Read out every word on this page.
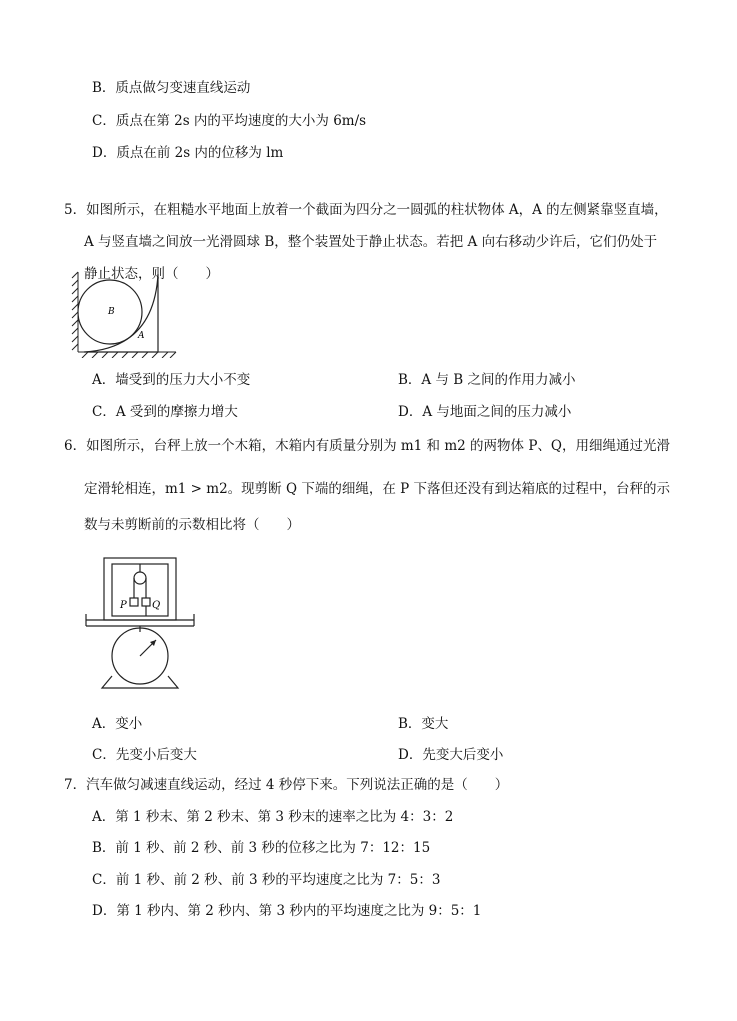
B．质点做匀变速直线运动
C．质点在第 2s 内的平均速度的大小为 6m/s
D．质点在前 2s 内的位移为 lm
5．如图所示，在粗糙水平地面上放着一个截面为四分之一圆弧的柱状物体 A，A 的左侧紧靠竖直墙，
A 与竖直墙之间放一光滑圆球 B，整个装置处于静止状态。若把 A 向右移动少许后，它们仍处于
静止状态，则（　　）
B
A
A．墙受到的压力大小不变	B．A 与 B 之间的作用力减小
C．A 受到的摩擦力增大	D．A 与地面之间的压力减小
6．如图所示，台秤上放一个木箱，木箱内有质量分别为 m1 和 m2 的两物体 P、Q，用细绳通过光滑
定滑轮相连，m1 > m2。现剪断 Q 下端的细绳，在 P 下落但还没有到达箱底的过程中，台秤的示
数与未剪断前的示数相比将（　　）
P	Q
A．变小	B．变大
C．先变小后变大	D．先变大后变小
7．汽车做匀减速直线运动，经过 4 秒停下来。下列说法正确的是（　　）
A．第 1 秒末、第 2 秒末、第 3 秒末的速率之比为 4：3：2
B．前 1 秒、前 2 秒、前 3 秒的位移之比为 7：12：15
C．前 1 秒、前 2 秒、前 3 秒的平均速度之比为 7：5：3
D．第 1 秒内、第 2 秒内、第 3 秒内的平均速度之比为 9：5：1
